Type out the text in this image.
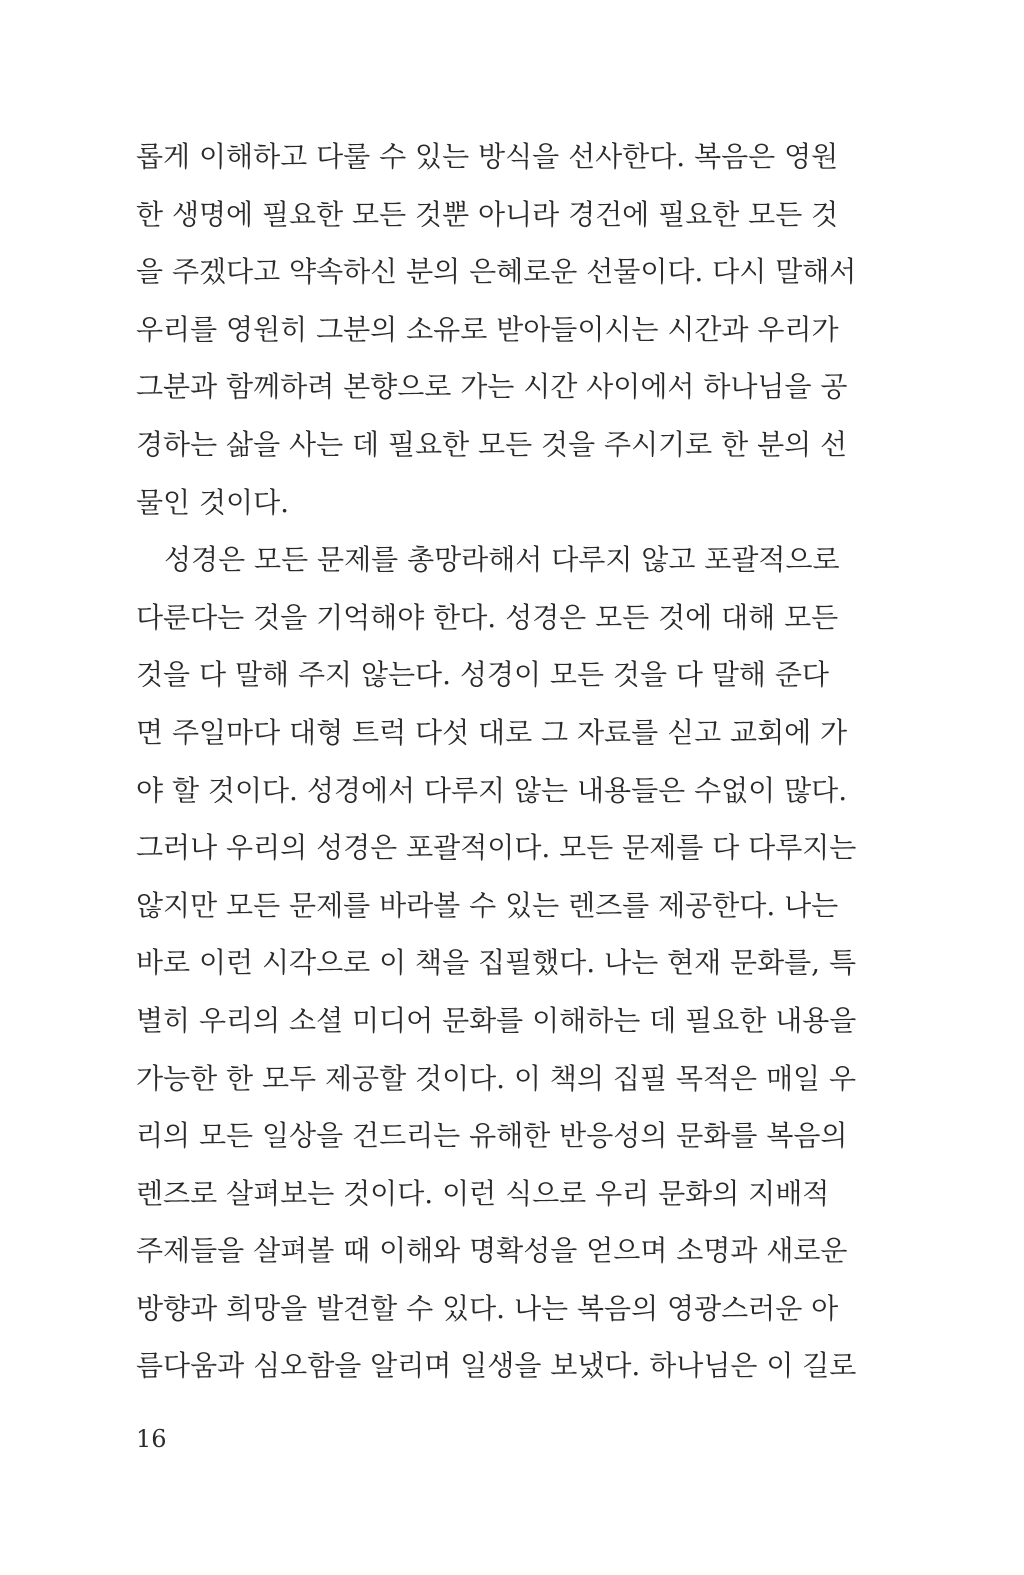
롭게 이해하고 다룰 수 있는 방식을 선사한다. 복음은 영원
한 생명에 필요한 모든 것뿐 아니라 경건에 필요한 모든 것
을 주겠다고 약속하신 분의 은혜로운 선물이다. 다시 말해서
우리를 영원히 그분의 소유로 받아들이시는 시간과 우리가
그분과 함께하려 본향으로 가는 시간 사이에서 하나님을 공
경하는 삶을 사는 데 필요한 모든 것을 주시기로 한 분의 선
물인 것이다.
　성경은 모든 문제를 총망라해서 다루지 않고 포괄적으로
다룬다는 것을 기억해야 한다. 성경은 모든 것에 대해 모든
것을 다 말해 주지 않는다. 성경이 모든 것을 다 말해 준다
면 주일마다 대형 트럭 다섯 대로 그 자료를 싣고 교회에 가
야 할 것이다. 성경에서 다루지 않는 내용들은 수없이 많다.
그러나 우리의 성경은 포괄적이다. 모든 문제를 다 다루지는
않지만 모든 문제를 바라볼 수 있는 렌즈를 제공한다. 나는
바로 이런 시각으로 이 책을 집필했다. 나는 현재 문화를, 특
별히 우리의 소셜 미디어 문화를 이해하는 데 필요한 내용을
가능한 한 모두 제공할 것이다. 이 책의 집필 목적은 매일 우
리의 모든 일상을 건드리는 유해한 반응성의 문화를 복음의
렌즈로 살펴보는 것이다. 이런 식으로 우리 문화의 지배적
주제들을 살펴볼 때 이해와 명확성을 얻으며 소명과 새로운
방향과 희망을 발견할 수 있다. 나는 복음의 영광스러운 아
름다움과 심오함을 알리며 일생을 보냈다. 하나님은 이 길로
16
